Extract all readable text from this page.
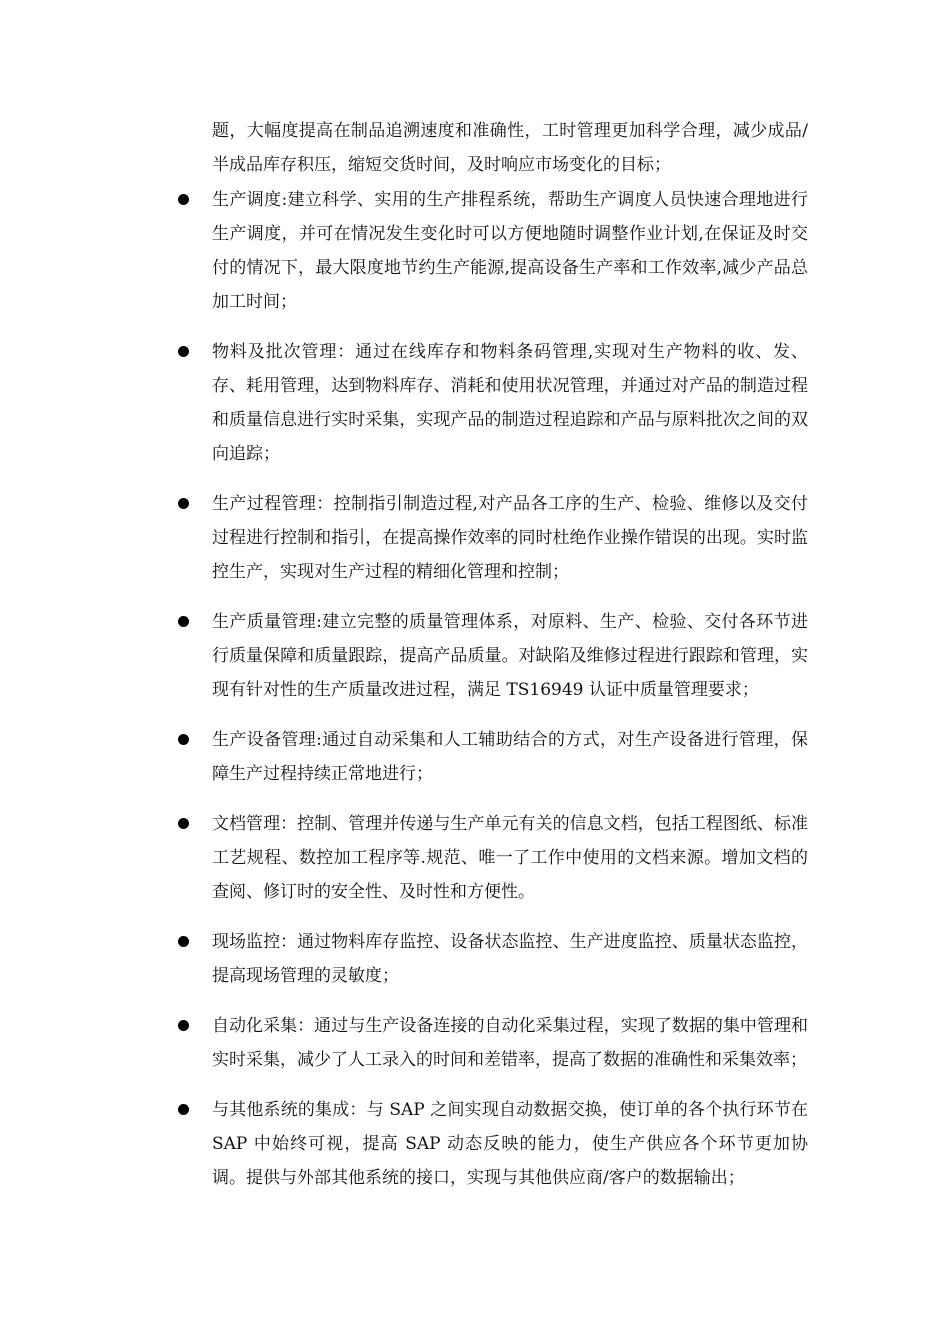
题，大幅度提高在制品追溯速度和准确性，工时管理更加科学合理，减少成品/半成品库存积压，缩短交货时间，及时响应市场变化的目标；

生产调度:建立科学、实用的生产排程系统，帮助生产调度人员快速合理地进行生产调度，并可在情况发生变化时可以方便地随时调整作业计划,在保证及时交付的情况下，最大限度地节约生产能源,提高设备生产率和工作效率,减少产品总加工时间；
物料及批次管理：通过在线库存和物料条码管理,实现对生产物料的收、发、存、耗用管理，达到物料库存、消耗和使用状况管理，并通过对产品的制造过程和质量信息进行实时采集，实现产品的制造过程追踪和产品与原料批次之间的双向追踪；
生产过程管理：控制指引制造过程,对产品各工序的生产、检验、维修以及交付过程进行控制和指引，在提高操作效率的同时杜绝作业操作错误的出现。实时监控生产，实现对生产过程的精细化管理和控制；
生产质量管理:建立完整的质量管理体系，对原料、生产、检验、交付各环节进行质量保障和质量跟踪，提高产品质量。对缺陷及维修过程进行跟踪和管理，实现有针对性的生产质量改进过程，满足 TS16949 认证中质量管理要求；
生产设备管理:通过自动采集和人工辅助结合的方式，对生产设备进行管理，保障生产过程持续正常地进行；
文档管理：控制、管理并传递与生产单元有关的信息文档，包括工程图纸、标准工艺规程、数控加工程序等.规范、唯一了工作中使用的文档来源。增加文档的查阅、修订时的安全性、及时性和方便性。
现场监控：通过物料库存监控、设备状态监控、生产进度监控、质量状态监控，提高现场管理的灵敏度；
自动化采集：通过与生产设备连接的自动化采集过程，实现了数据的集中管理和实时采集，减少了人工录入的时间和差错率，提高了数据的准确性和采集效率；
与其他系统的集成：与 SAP 之间实现自动数据交换，使订单的各个执行环节在 SAP 中始终可视，提高 SAP 动态反映的能力，使生产供应各个环节更加协调。提供与外部其他系统的接口，实现与其他供应商/客户的数据输出；
